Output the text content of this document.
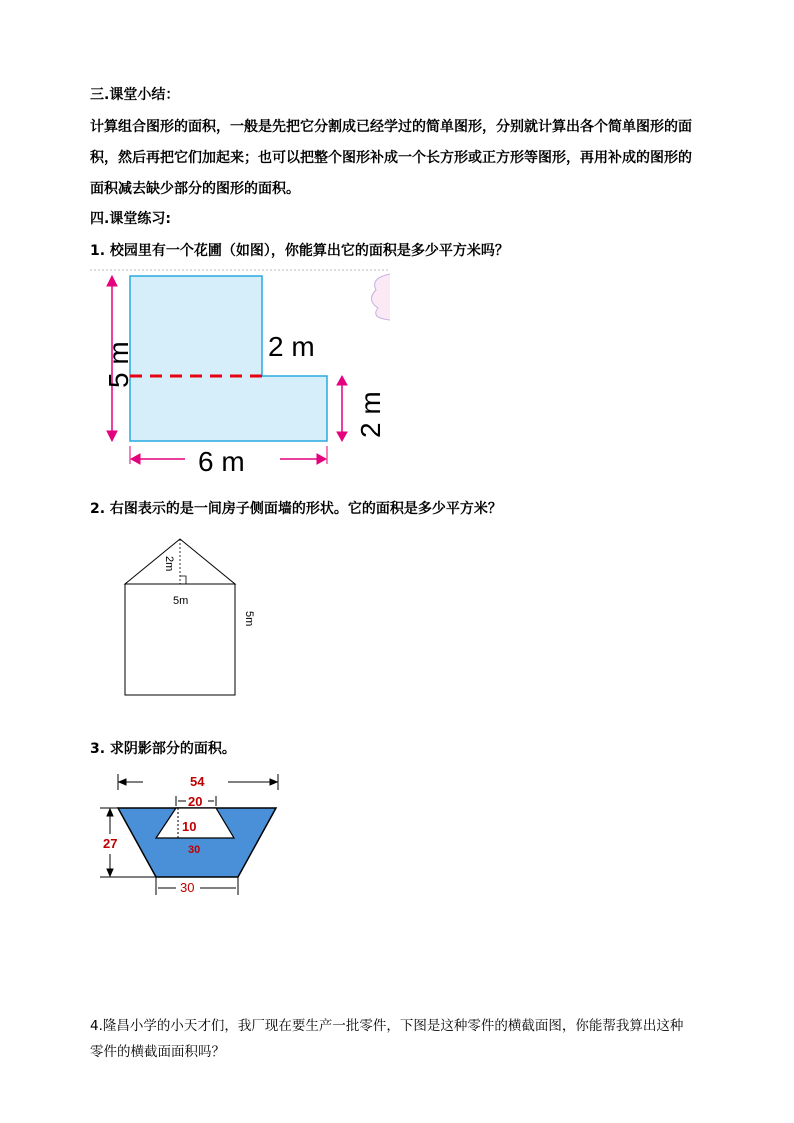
三.课堂小结：
计算组合图形的面积，一般是先把它分割成已经学过的简单图形，分别就计算出各个简单图形的面
积，然后再把它们加起来；也可以把整个图形补成一个长方形或正方形等图形，再用补成的图形的
面积减去缺少部分的图形的面积。
四.课堂练习:
1. 校园里有一个花圃（如图），你能算出它的面积是多少平方米吗？
5 m	2 m
2 m
6 m
2. 右图表示的是一间房子侧面墙的形状。它的面积是多少平方米？
2m
5m
5m
3. 求阴影部分的面积。
54
20
10
30
27
30
4.隆昌小学的小天才们，我厂现在要生产一批零件，下图是这种零件的横截面图，你能帮我算出这种
零件的横截面面积吗？
